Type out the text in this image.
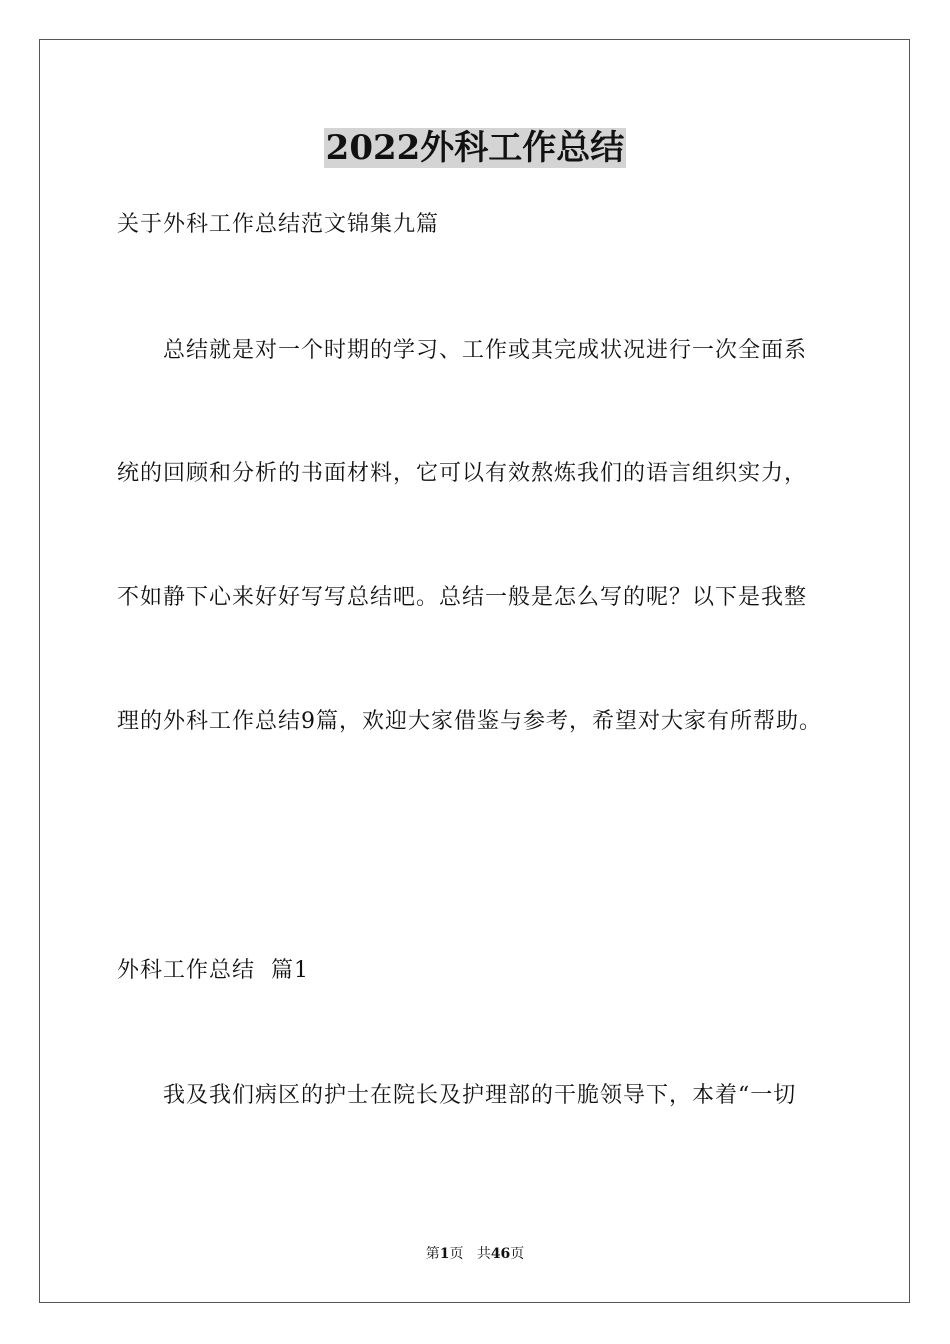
2022外科工作总结
关于外科工作总结范文锦集九篇
总结就是对一个时期的学习、工作或其完成状况进行一次全面系
统的回顾和分析的书面材料，它可以有效熬炼我们的语言组织实力，
不如静下心来好好写写总结吧。总结一般是怎么写的呢？以下是我整
理的外科工作总结9篇，欢迎大家借鉴与参考，希望对大家有所帮助。
外科工作总结  篇1
我及我们病区的护士在院长及护理部的干脆领导下，本着“一切
第1页 共46页
